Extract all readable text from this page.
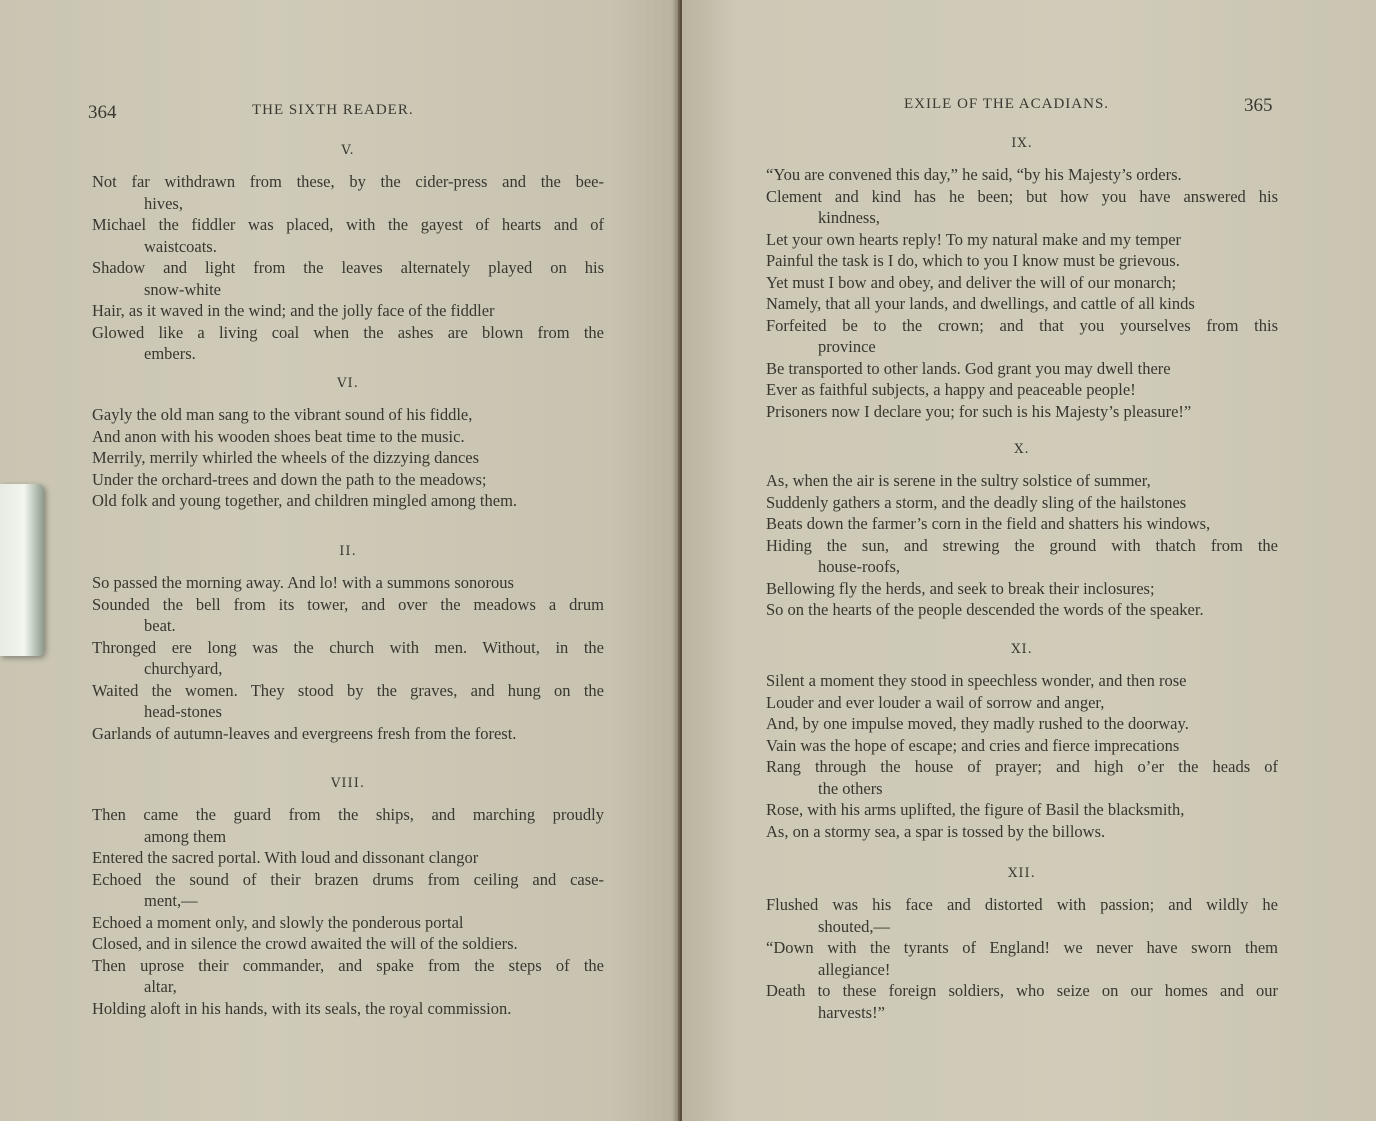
364	THE SIXTH READER.
V.
Not far withdrawn from these, by the cider-press and the bee-
hives,
Michael the fiddler was placed, with the gayest of hearts and of
waistcoats.
Shadow and light from the leaves alternately played on his
snow-white
Hair, as it waved in the wind; and the jolly face of the fiddler
Glowed like a living coal when the ashes are blown from the
embers.
VI.
Gayly the old man sang to the vibrant sound of his fiddle,
And anon with his wooden shoes beat time to the music.
Merrily, merrily whirled the wheels of the dizzying dances
Under the orchard-trees and down the path to the meadows;
Old folk and young together, and children mingled among them.
II.
So passed the morning away. And lo! with a summons sonorous
Sounded the bell from its tower, and over the meadows a drum
beat.
Thronged ere long was the church with men. Without, in the
churchyard,
Waited the women. They stood by the graves, and hung on the
head-stones
Garlands of autumn-leaves and evergreens fresh from the forest.
VIII.
Then came the guard from the ships, and marching proudly
among them
Entered the sacred portal. With loud and dissonant clangor
Echoed the sound of their brazen drums from ceiling and case-
ment,—
Echoed a moment only, and slowly the ponderous portal
Closed, and in silence the crowd awaited the will of the soldiers.
Then uprose their commander, and spake from the steps of the
altar,
Holding aloft in his hands, with its seals, the royal commission.
EXILE OF THE ACADIANS.	365
IX.
“You are convened this day,” he said, “by his Majesty’s orders.
Clement and kind has he been; but how you have answered his
kindness,
Let your own hearts reply! To my natural make and my temper
Painful the task is I do, which to you I know must be grievous.
Yet must I bow and obey, and deliver the will of our monarch;
Namely, that all your lands, and dwellings, and cattle of all kinds
Forfeited be to the crown; and that you yourselves from this
province
Be transported to other lands. God grant you may dwell there
Ever as faithful subjects, a happy and peaceable people!
Prisoners now I declare you; for such is his Majesty’s pleasure!”
X.
As, when the air is serene in the sultry solstice of summer,
Suddenly gathers a storm, and the deadly sling of the hailstones
Beats down the farmer’s corn in the field and shatters his windows,
Hiding the sun, and strewing the ground with thatch from the
house-roofs,
Bellowing fly the herds, and seek to break their inclosures;
So on the hearts of the people descended the words of the speaker.
XI.
Silent a moment they stood in speechless wonder, and then rose
Louder and ever louder a wail of sorrow and anger,
And, by one impulse moved, they madly rushed to the doorway.
Vain was the hope of escape; and cries and fierce imprecations
Rang through the house of prayer; and high o’er the heads of
the others
Rose, with his arms uplifted, the figure of Basil the blacksmith,
As, on a stormy sea, a spar is tossed by the billows.
XII.
Flushed was his face and distorted with passion; and wildly he
shouted,—
“Down with the tyrants of England! we never have sworn them
allegiance!
Death to these foreign soldiers, who seize on our homes and our
harvests!”
